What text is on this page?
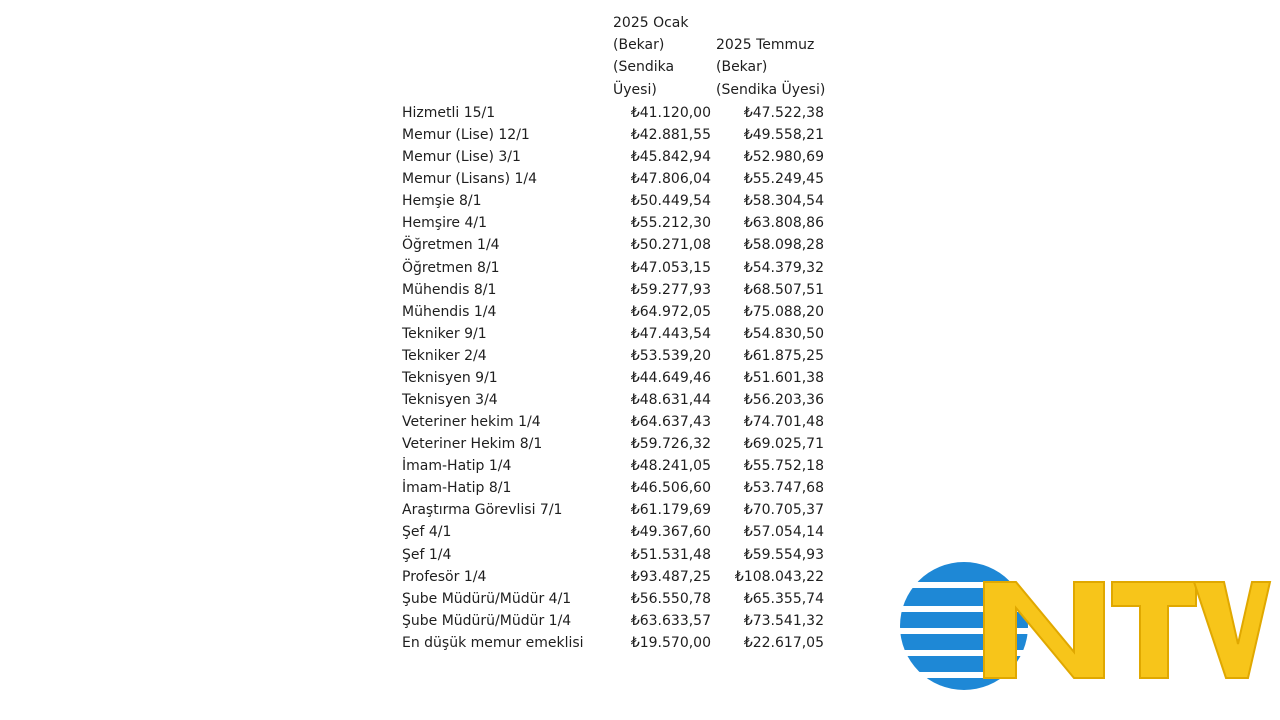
2025 Ocak
(Bekar)
(Sendika
Üyesi)
2025 Temmuz
(Bekar)
(Sendika Üyesi)
Hizmetli 15/1	₺41.120,00 ₺47.522,38
Memur (Lise) 12/1	₺42.881,55 ₺49.558,21
Memur (Lise) 3/1	₺45.842,94 ₺52.980,69
Memur (Lisans) 1/4	₺47.806,04 ₺55.249,45
Hemşie 8/1	₺50.449,54 ₺58.304,54
Hemşire 4/1	₺55.212,30 ₺63.808,86
Öğretmen 1/4	₺50.271,08 ₺58.098,28
Öğretmen 8/1	₺47.053,15 ₺54.379,32
Mühendis 8/1	₺59.277,93 ₺68.507,51
Mühendis 1/4	₺64.972,05 ₺75.088,20
Tekniker 9/1	₺47.443,54 ₺54.830,50
Tekniker 2/4	₺53.539,20 ₺61.875,25
Teknisyen 9/1	₺44.649,46 ₺51.601,38
Teknisyen 3/4	₺48.631,44 ₺56.203,36
Veteriner hekim 1/4	₺64.637,43 ₺74.701,48
Veteriner Hekim 8/1	₺59.726,32 ₺69.025,71
İmam-Hatip 1/4	₺48.241,05 ₺55.752,18
İmam-Hatip 8/1	₺46.506,60 ₺53.747,68
Araştırma Görevlisi 7/1	₺61.179,69 ₺70.705,37
Şef 4/1	₺49.367,60 ₺57.054,14
Şef 1/4	₺51.531,48 ₺59.554,93
Profesör 1/4	₺93.487,25 ₺108.043,22
Şube Müdürü/Müdür 4/1	₺56.550,78 ₺65.355,74
Şube Müdürü/Müdür 1/4	₺63.633,57 ₺73.541,32
En düşük memur emeklisi	₺19.570,00 ₺22.617,05
